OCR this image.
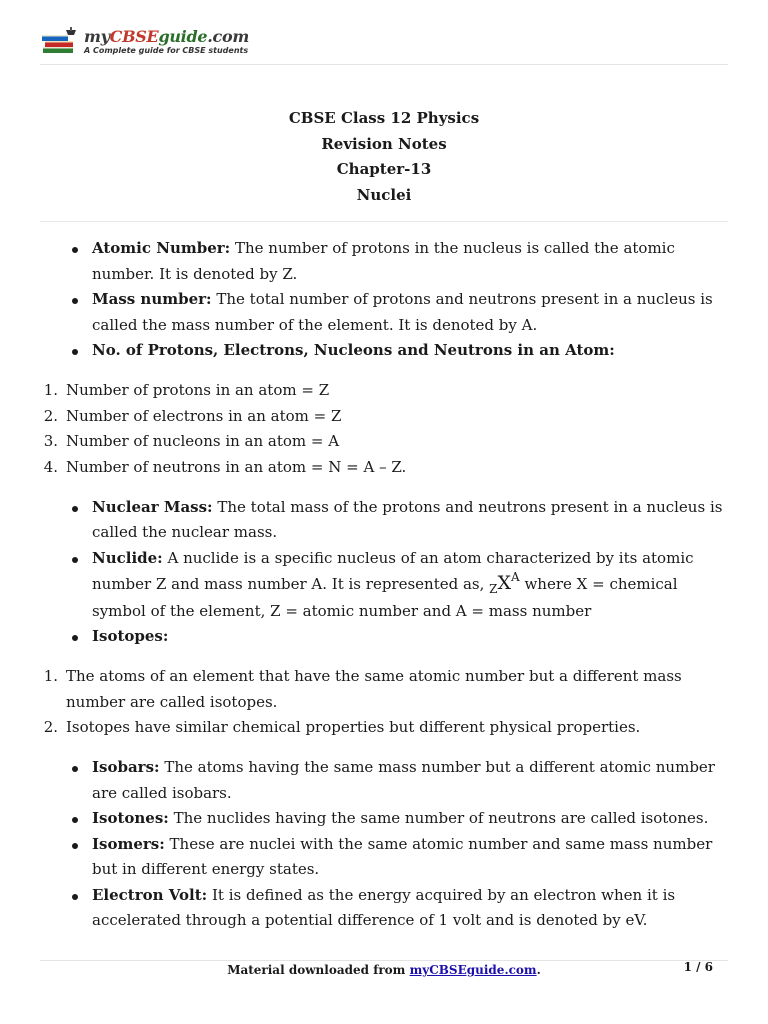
myCBSEguide.com
A Complete guide for CBSE students
CBSE Class 12 Physics
Revision Notes
Chapter-13
Nuclei
Atomic Number: The number of protons in the nucleus is called the atomic number. It is denoted by Z.
Mass number: The total number of protons and neutrons present in a nucleus is called the mass number of the element. It is denoted by A.
No. of Protons, Electrons, Nucleons and Neutrons in an Atom:
1. Number of protons in an atom = Z
2. Number of electrons in an atom = Z
3. Number of nucleons in an atom = A
4. Number of neutrons in an atom = N = A – Z.
Nuclear Mass: The total mass of the protons and neutrons present in a nucleus is called the nuclear mass.
Nuclide: A nuclide is a specific nucleus of an atom characterized by its atomic number Z and mass number A. It is represented as, $_ZX^A$ where X = chemical symbol of the element, Z = atomic number and A = mass number
Isotopes:
1. The atoms of an element that have the same atomic number but a different mass number are called isotopes.
2. Isotopes have similar chemical properties but different physical properties.
Isobars: The atoms having the same mass number but a different atomic number are called isobars.
Isotones: The nuclides having the same number of neutrons are called isotones.
Isomers: These are nuclei with the same atomic number and same mass number but in different energy states.
Electron Volt: It is defined as the energy acquired by an electron when it is accelerated through a potential difference of 1 volt and is denoted by eV.
Material downloaded from myCBSEguide.com.	1 / 6
